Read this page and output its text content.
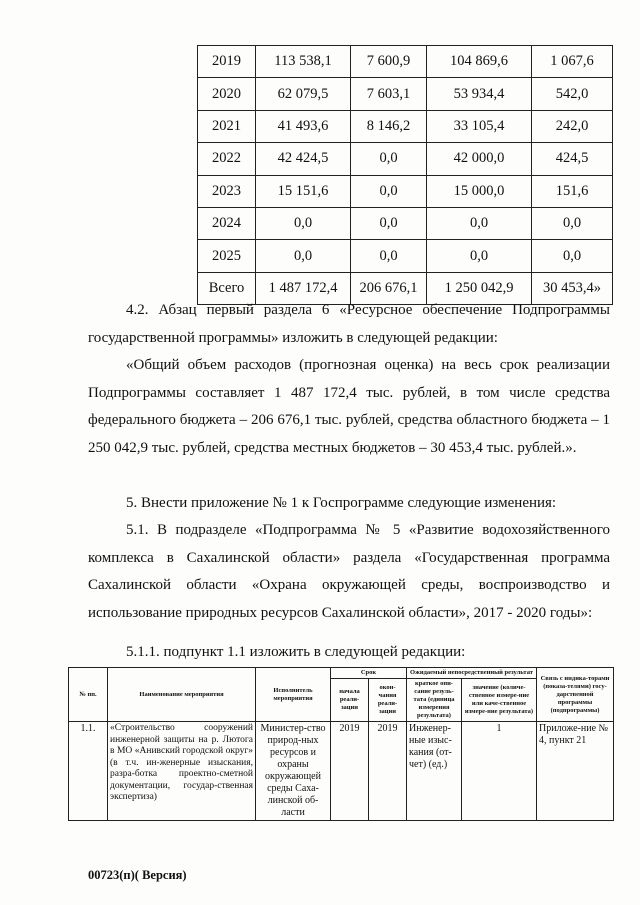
2019	113 538,1	7 600,9	104 869,6	1 067,6
2020	62 079,5	7 603,1	53 934,4	542,0
2021	41 493,6	8 146,2	33 105,4	242,0
2022	42 424,5	0,0	42 000,0	424,5
2023	15 151,6	0,0	15 000,0	151,6
2024	0,0	0,0	0,0	0,0
2025	0,0	0,0	0,0	0,0
Всего	1 487 172,4	206 676,1	1 250 042,9	30 453,4»

4.2. Абзац первый раздела 6 «Ресурсное обеспечение Подпрограммы государственной программы» изложить в следующей редакции:

«Общий объем расходов (прогнозная оценка) на весь срок реализации Подпрограммы составляет 1 487 172,4 тыс. рублей, в том числе средства федерального бюджета – 206 676,1 тыс. рублей, средства областного бюджета – 1 250 042,9 тыс. рублей, средства местных бюджетов – 30 453,4 тыс. рублей.».

5. Внести приложение № 1 к Госпрограмме следующие изменения:

5.1. В подразделе «Подпрограмма № 5 «Развитие водохозяйственного комплекса в Сахалинской области» раздела «Государственная программа Сахалинской области «Охрана окружающей среды, воспроизводство и использование природных ресурсов Сахалинской области», 2017 - 2020 годы»:

5.1.1. подпункт 1.1 изложить в следующей редакции:

№ пп.	Наименование мероприятия	Исполнитель мероприятия	Срок		Ожидаемый непосредственный результат		Связь с индика-торами (показа-телями) госу-дарственной программы (подпрограммы)
			начала реали-зации	окон-чания реали-зации	краткое опи-сание резуль-тата (единица измерения результата)	значение (количе-ственное измере-ние или каче-ственное измере-ние результата)	
1.1.	«Строительство сооружений инженерной защиты на р. Лютога в МО «Анивский городской округ» (в т.ч. ин-женерные изыскания, разра-ботка проектно-сметной документации, государ-ственная экспертиза)	Министер-ство природ-ных ресурсов и охраны окружающей среды Саха-линской об-ласти	2019	2019	Инженер-ные изыс-кания (от-чет) (ед.)	1	Приложе-ние № 4, пункт 21
00723(п)( Версия)
